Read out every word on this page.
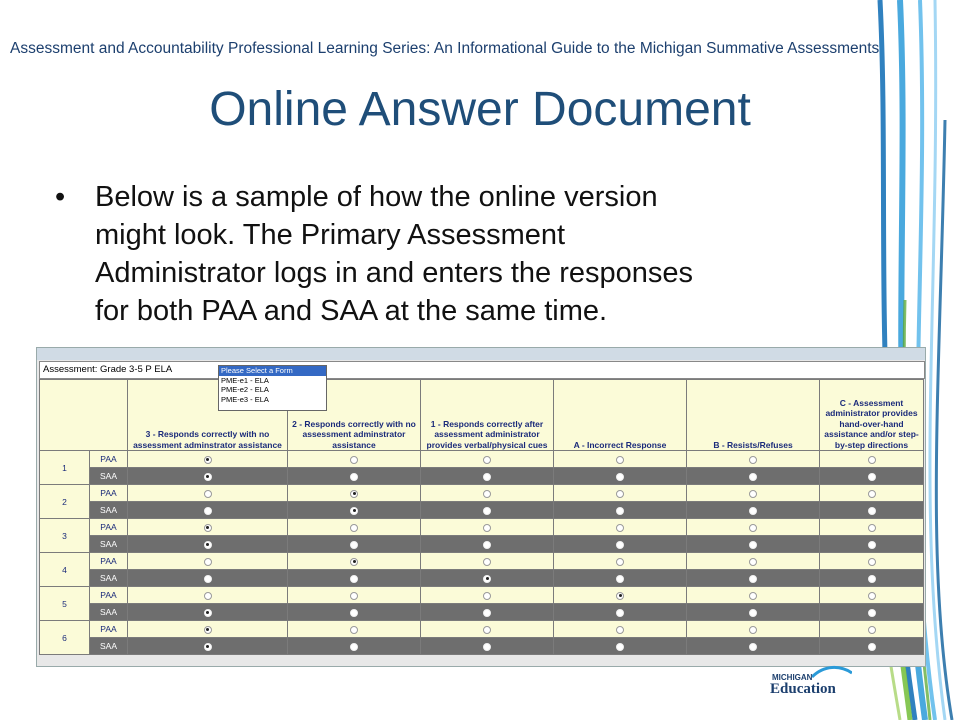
Assessment and Accountability Professional Learning Series: An Informational Guide to the Michigan Summative Assessments
Online Answer Document
• Below is a sample of how the online version
might look. The Primary Assessment
Administrator logs in and enters the responses
for both PAA and SAA at the same time.
Assessment: Grade 3-5 P ELA	Please Select a Form
PME-e1 - ELA
PME-e2 - ELA
PME-e3 - ELA
		3 - Responds correctly with no assessment adminstrator assistance	2 - Responds correctly with no assessment adminstrator assistance	1 - Responds correctly after assessment administrator provides verbal/physical cues	A - Incorrect Response	B - Resists/Refuses	C - Assessment administrator provides hand-over-hand assistance and/or step-by-step directions
1	PAA						
	SAA						
2	PAA						
	SAA						
3	PAA						
	SAA						
4	PAA						
	SAA						
5	PAA						
	SAA						
6	PAA						
	SAA						
MICHIGAN
Education
